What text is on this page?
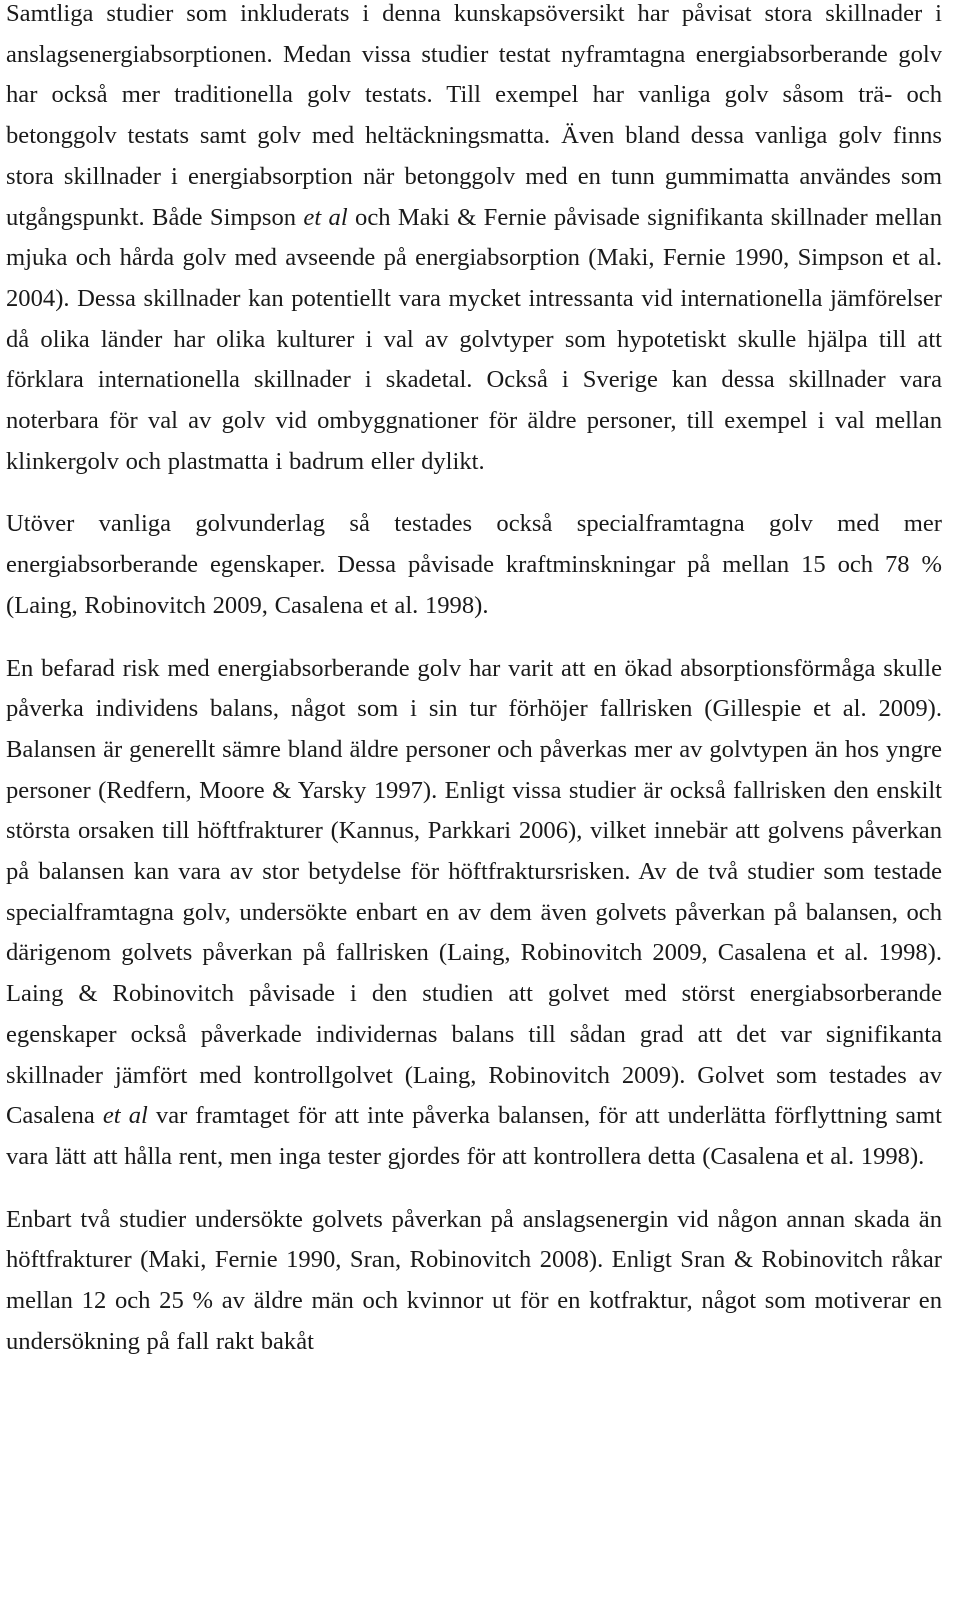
Samtliga studier som inkluderats i denna kunskapsöversikt har påvisat stora skillnader i anslagsenergiabsorptionen. Medan vissa studier testat nyframtagna energiabsorberande golv har också mer traditionella golv testats. Till exempel har vanliga golv såsom trä- och betonggolv testats samt golv med heltäckningsmatta. Även bland dessa vanliga golv finns stora skillnader i energiabsorption när betonggolv med en tunn gummimatta användes som utgångspunkt. Både Simpson et al och Maki & Fernie påvisade signifikanta skillnader mellan mjuka och hårda golv med avseende på energiabsorption (Maki, Fernie 1990, Simpson et al. 2004). Dessa skillnader kan potentiellt vara mycket intressanta vid internationella jämförelser då olika länder har olika kulturer i val av golvtyper som hypotetiskt skulle hjälpa till att förklara internationella skillnader i skadetal. Också i Sverige kan dessa skillnader vara noterbara för val av golv vid ombyggnationer för äldre personer, till exempel i val mellan klinkergolv och plastmatta i badrum eller dylikt.

Utöver vanliga golvunderlag så testades också specialframtagna golv med mer energiabsorberande egenskaper. Dessa påvisade kraftminskningar på mellan 15 och 78 % (Laing, Robinovitch 2009, Casalena et al. 1998).

En befarad risk med energiabsorberande golv har varit att en ökad absorptionsförmåga skulle påverka individens balans, något som i sin tur förhöjer fallrisken (Gillespie et al. 2009). Balansen är generellt sämre bland äldre personer och påverkas mer av golvtypen än hos yngre personer (Redfern, Moore & Yarsky 1997). Enligt vissa studier är också fallrisken den enskilt största orsaken till höftfrakturer (Kannus, Parkkari 2006), vilket innebär att golvens påverkan på balansen kan vara av stor betydelse för höftfraktursrisken. Av de två studier som testade specialframtagna golv, undersökte enbart en av dem även golvets påverkan på balansen, och därigenom golvets påverkan på fallrisken (Laing, Robinovitch 2009, Casalena et al. 1998). Laing & Robinovitch påvisade i den studien att golvet med störst energiabsorberande egenskaper också påverkade individernas balans till sådan grad att det var signifikanta skillnader jämfört med kontrollgolvet (Laing, Robinovitch 2009). Golvet som testades av Casalena et al var framtaget för att inte påverka balansen, för att underlätta förflyttning samt vara lätt att hålla rent, men inga tester gjordes för att kontrollera detta (Casalena et al. 1998).

Enbart två studier undersökte golvets påverkan på anslagsenergin vid någon annan skada än höftfrakturer (Maki, Fernie 1990, Sran, Robinovitch 2008). Enligt Sran & Robinovitch råkar mellan 12 och 25 % av äldre män och kvinnor ut för en kotfraktur, något som motiverar en undersökning på fall rakt bakåt
